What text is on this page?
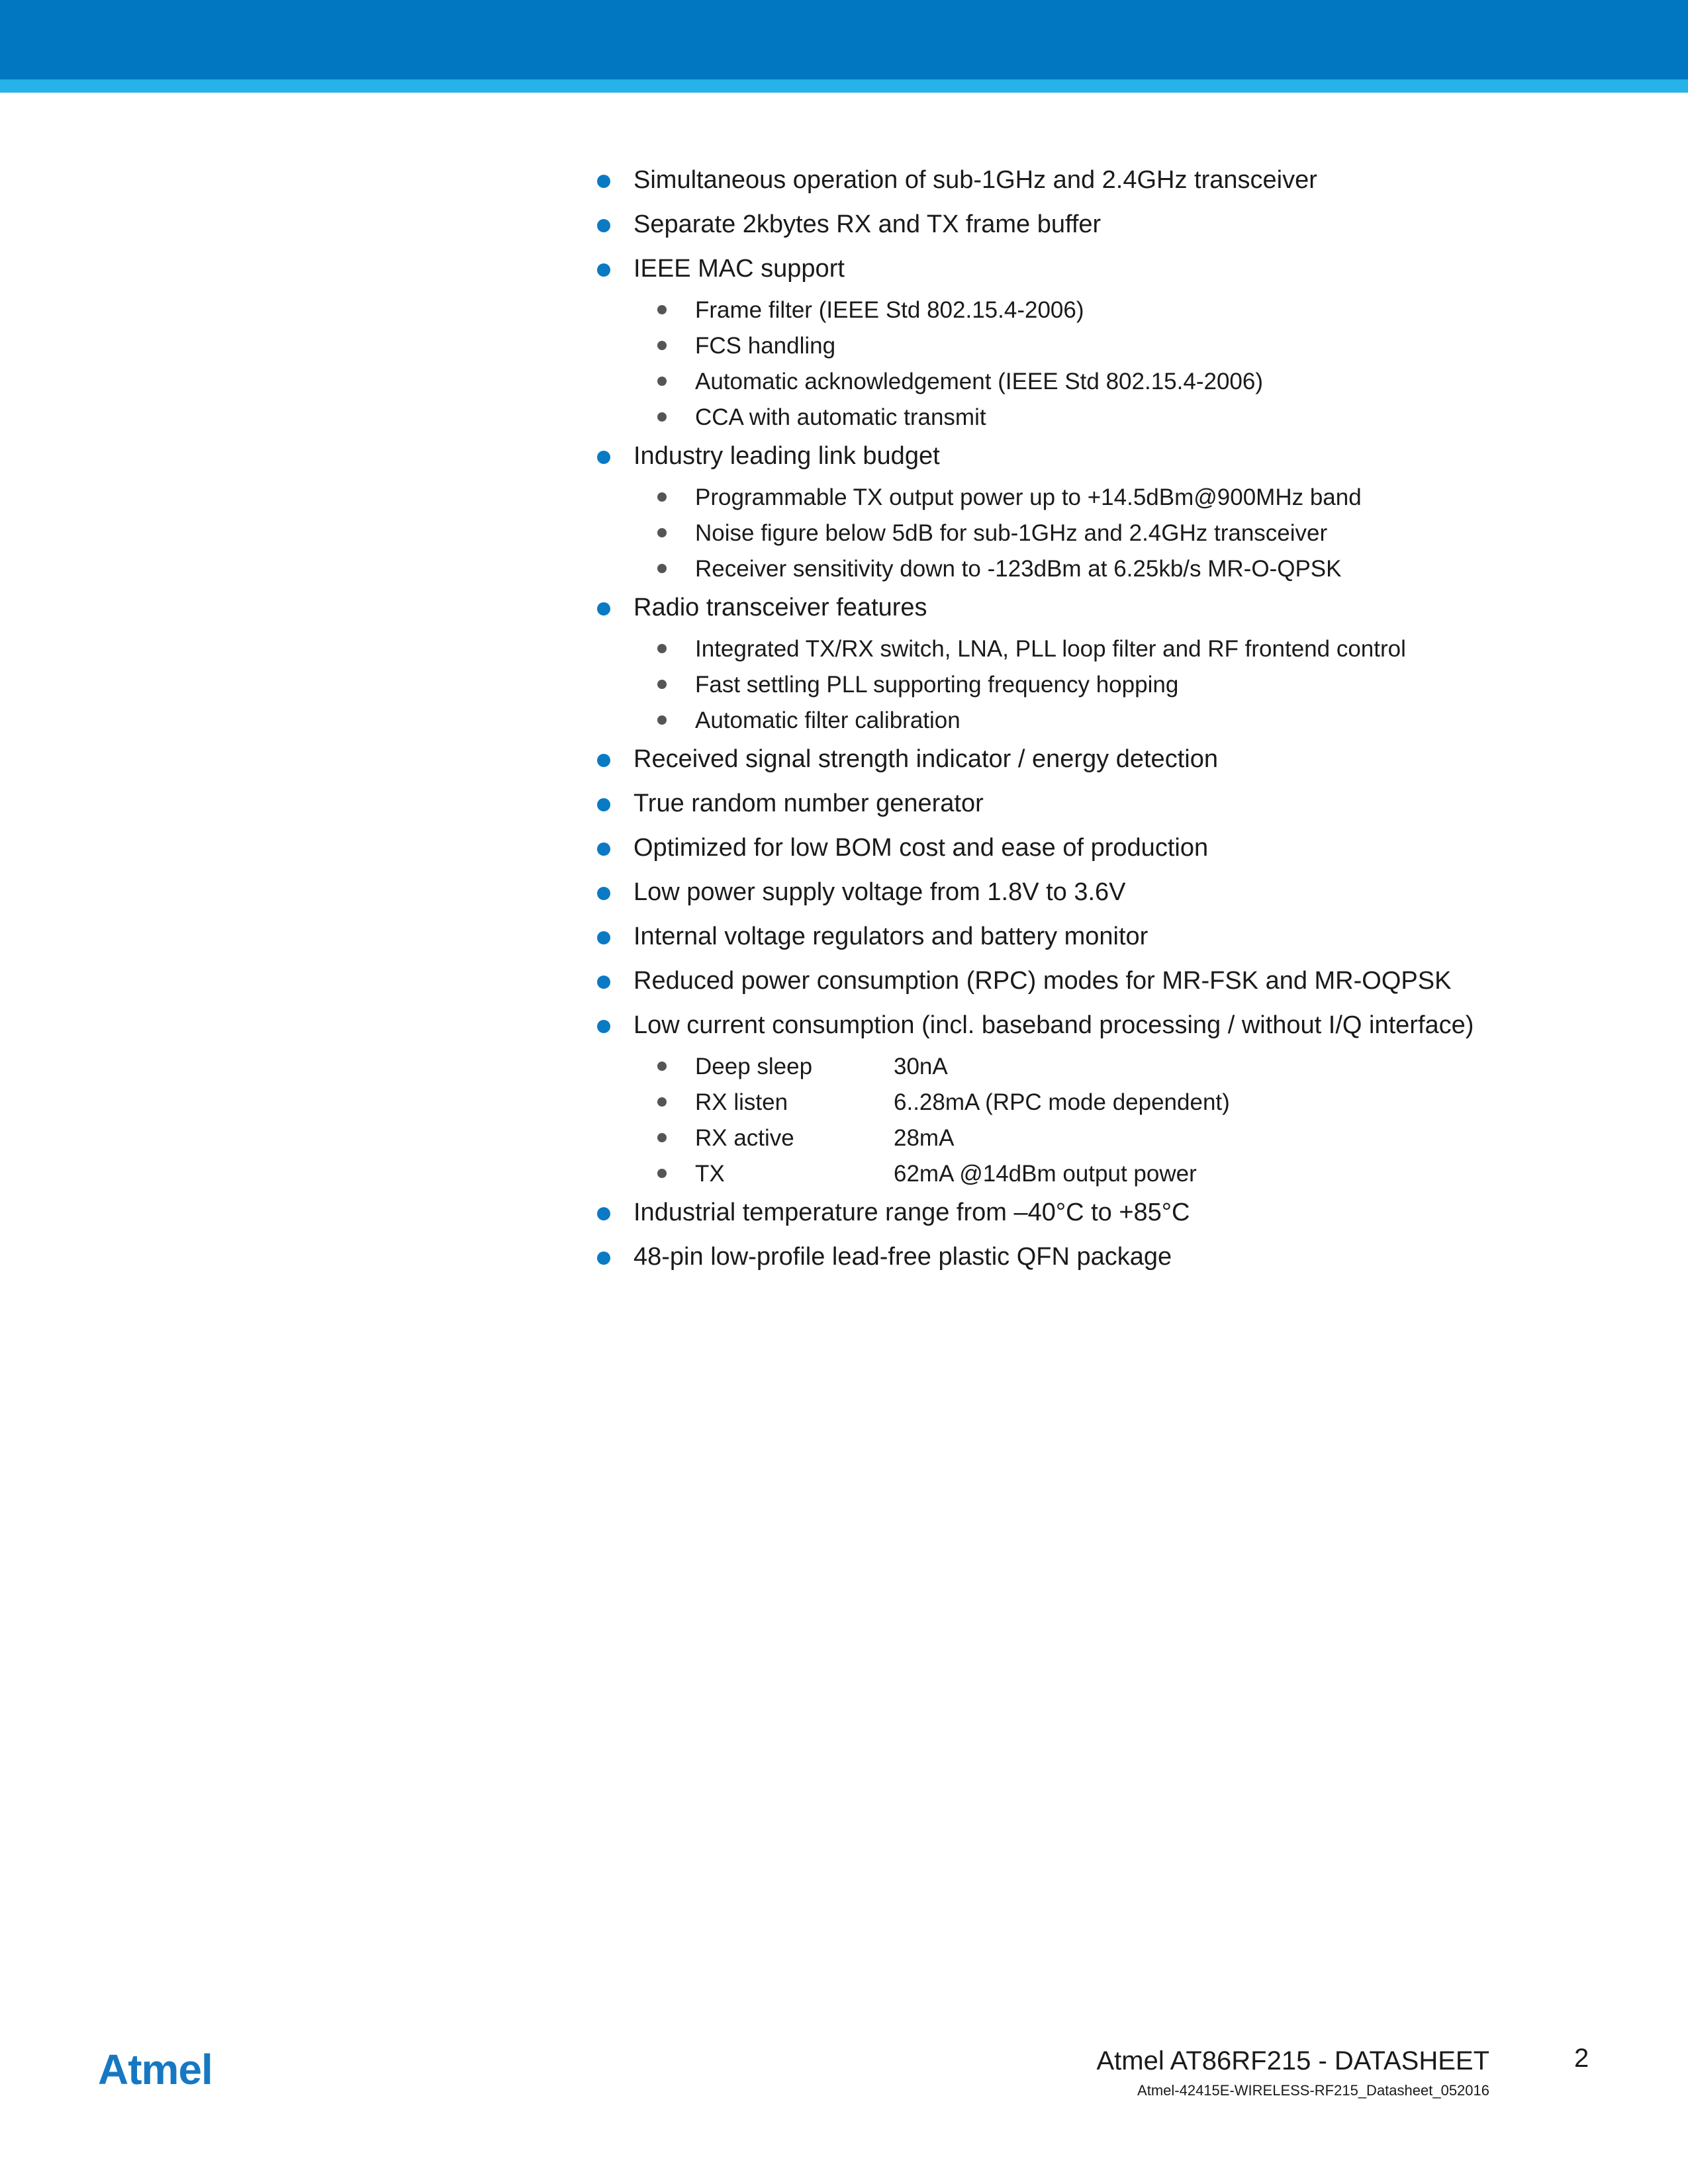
Simultaneous operation of sub-1GHz and 2.4GHz transceiver
Separate 2kbytes RX and TX frame buffer
IEEE MAC support
Frame filter (IEEE Std 802.15.4-2006)
FCS handling
Automatic acknowledgement (IEEE Std 802.15.4-2006)
CCA with automatic transmit
Industry leading link budget
Programmable TX output power up to +14.5dBm@900MHz band
Noise figure below 5dB for sub-1GHz and 2.4GHz transceiver
Receiver sensitivity down to -123dBm at 6.25kb/s MR-O-QPSK
Radio transceiver features
Integrated TX/RX switch, LNA, PLL loop filter and RF frontend control
Fast settling PLL supporting frequency hopping
Automatic filter calibration
Received signal strength indicator / energy detection
True random number generator
Optimized for low BOM cost and ease of production
Low power supply voltage from 1.8V to 3.6V
Internal voltage regulators and battery monitor
Reduced power consumption (RPC) modes for MR-FSK and MR-OQPSK
Low current consumption (incl. baseband processing / without I/Q interface)
Deep sleep	30nA
RX listen	6..28mA (RPC mode dependent)
RX active	28mA
TX	62mA @14dBm output power
Industrial temperature range from –40°C to +85°C
48-pin low-profile lead-free plastic QFN package
Atmel	Atmel AT86RF215 - DATASHEET
Atmel-42415E-WIRELESS-RF215_Datasheet_052016
2
